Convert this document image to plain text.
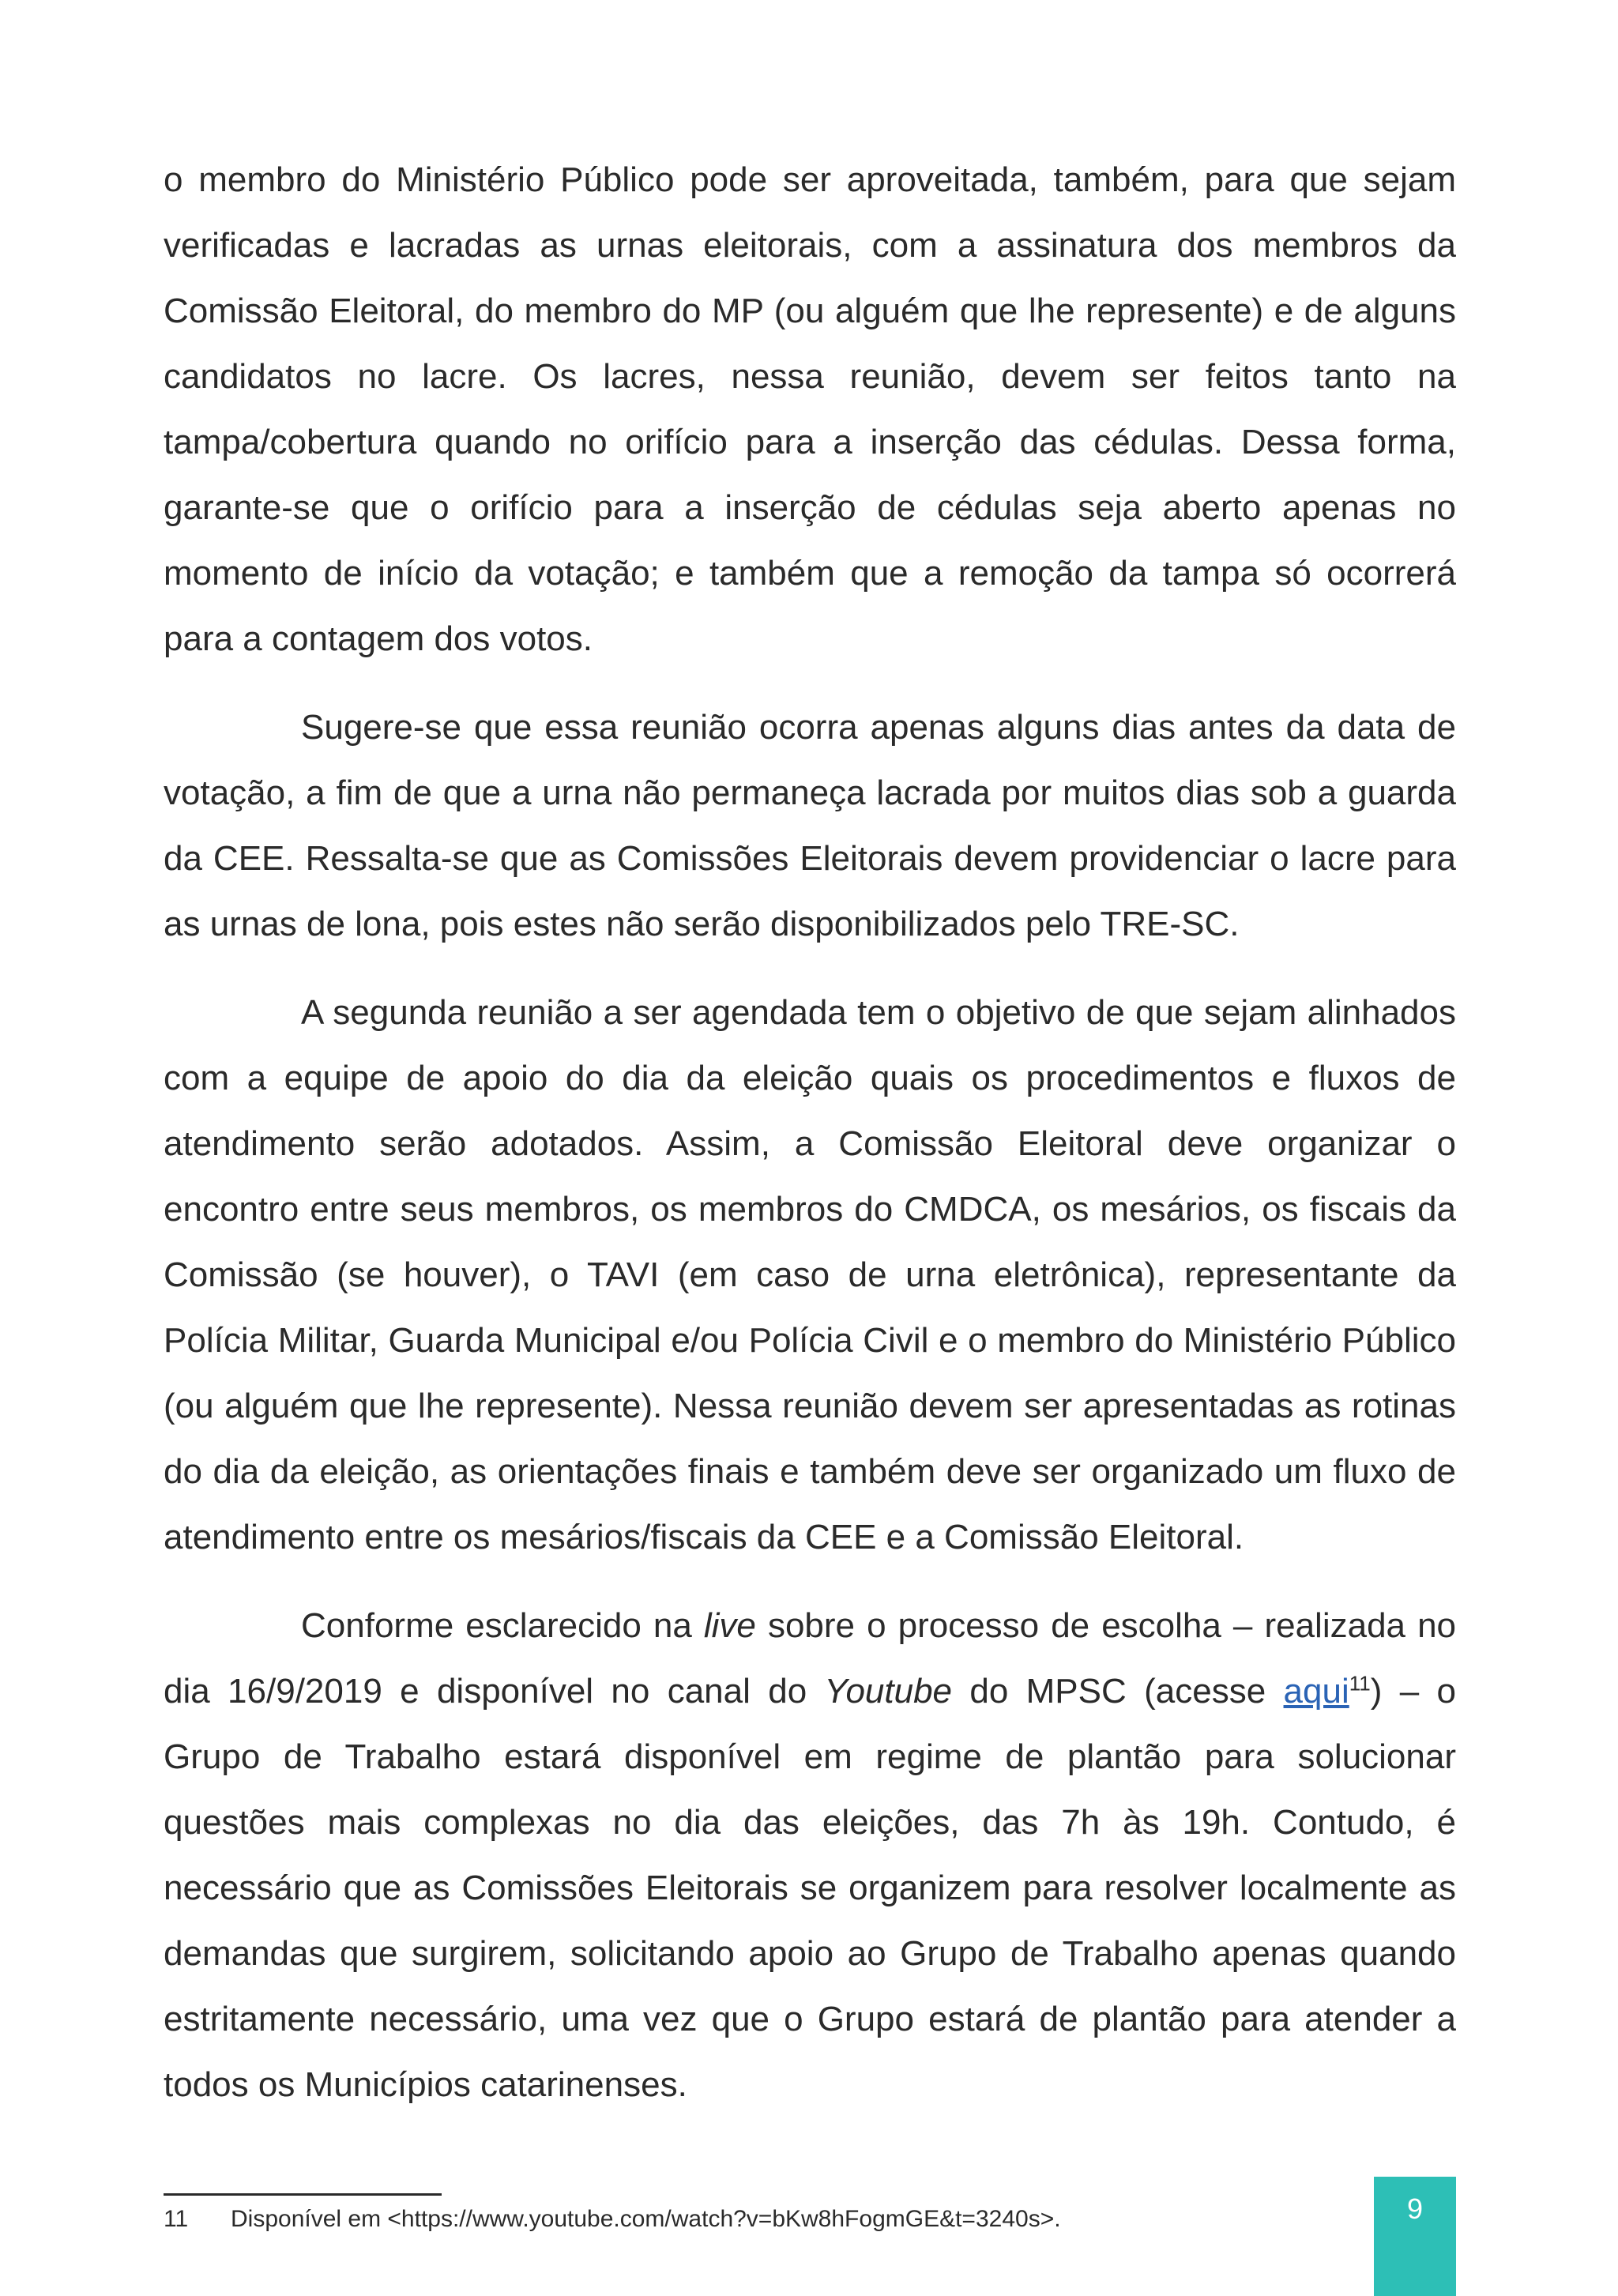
o membro do Ministério Público pode ser aproveitada, também, para que sejam verificadas e lacradas as urnas eleitorais, com a assinatura dos membros da Comissão Eleitoral, do membro do MP (ou alguém que lhe represente) e de alguns candidatos no lacre. Os lacres, nessa reunião, devem ser feitos tanto na tampa/cobertura quando no orifício para a inserção das cédulas. Dessa forma, garante-se que o orifício para a inserção de cédulas seja aberto apenas no momento de início da votação; e também que a remoção da tampa só ocorrerá para a contagem dos votos.

Sugere-se que essa reunião ocorra apenas alguns dias antes da data de votação, a fim de que a urna não permaneça lacrada por muitos dias sob a guarda da CEE. Ressalta-se que as Comissões Eleitorais devem providenciar o lacre para as urnas de lona, pois estes não serão disponibilizados pelo TRE-SC.

A segunda reunião a ser agendada tem o objetivo de que sejam alinhados com a equipe de apoio do dia da eleição quais os procedimentos e fluxos de atendimento serão adotados. Assim, a Comissão Eleitoral deve organizar o encontro entre seus membros, os membros do CMDCA, os mesários, os fiscais da Comissão (se houver), o TAVI (em caso de urna eletrônica), representante da Polícia Militar, Guarda Municipal e/ou Polícia Civil e o membro do Ministério Público (ou alguém que lhe represente). Nessa reunião devem ser apresentadas as rotinas do dia da eleição, as orientações finais e também deve ser organizado um fluxo de atendimento entre os mesários/fiscais da CEE e a Comissão Eleitoral.

Conforme esclarecido na live sobre o processo de escolha – realizada no dia 16/9/2019 e disponível no canal do Youtube do MPSC (acesse aqui$^{11}$) – o Grupo de Trabalho estará disponível em regime de plantão para solucionar questões mais complexas no dia das eleições, das 7h às 19h. Contudo, é necessário que as Comissões Eleitorais se organizem para resolver localmente as demandas que surgirem, solicitando apoio ao Grupo de Trabalho apenas quando estritamente necessário, uma vez que o Grupo estará de plantão para atender a todos os Municípios catarinenses.

11 Disponível em <https://www.youtube.com/watch?v=bKw8hFogmGE&t=3240s>.	9
